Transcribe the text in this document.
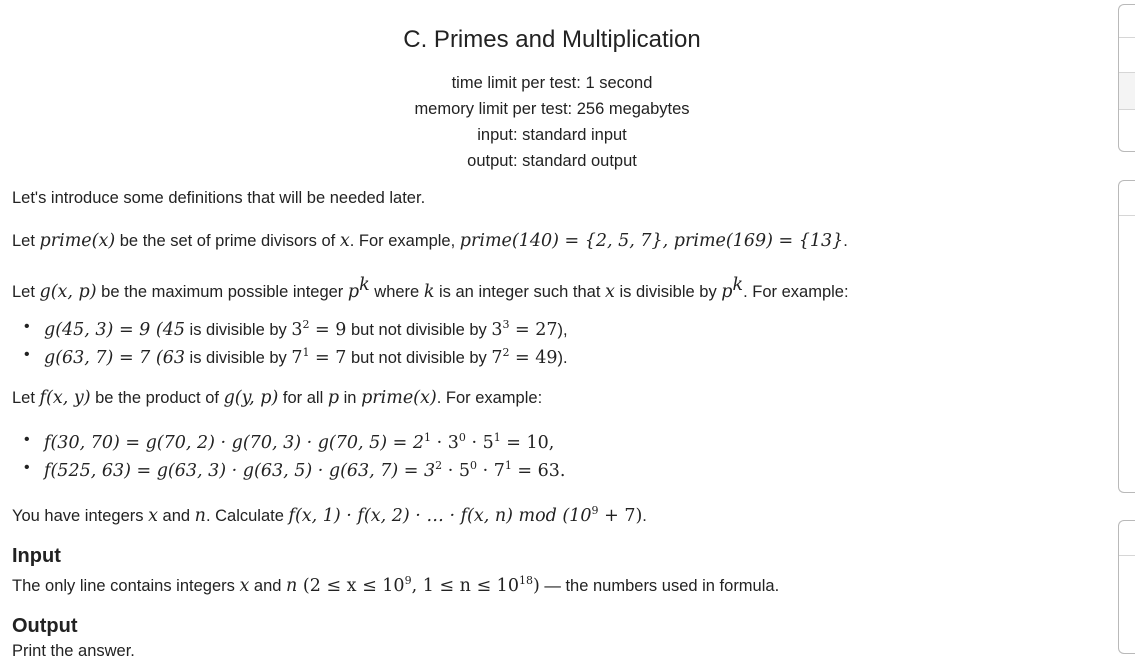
C. Primes and Multiplication
time limit per test: 1 second
memory limit per test: 256 megabytes
input: standard input
output: standard output
Let's introduce some definitions that will be needed later.
Let prime(x) be the set of prime divisors of x. For example, prime(140) = {2, 5, 7}, prime(169) = {13}.
Let g(x, p) be the maximum possible integer $p^k$ where k is an integer such that x is divisible by $p^k$. For example:
• g(45, 3) = 9 (45 is divisible by $3^2 = 9$ but not divisible by $3^3 = 27$),
• g(63, 7) = 7 (63 is divisible by $7^1 = 7$ but not divisible by $7^2 = 49$).
Let f(x, y) be the product of g(y, p) for all p in prime(x). For example:
• f(30, 70) = g(70, 2) · g(70, 3) · g(70, $5) = 2^1 \cdot 3^0 \cdot 5^1 = 10$,
• f(525, 63) = g(63, 3) · g(63, 5) · g(63, $7) = 3^2 \cdot 5^0 \cdot 7^1 = 63$.
You have integers x and n. Calculate f(x, 1) · f(x, 2) · … · f(x, n) mod $(10^9 + 7)$.
Input
The only line contains integers x and n ($2 \le x \le 10^9$, $1 \le n \le 10^{18}$) — the numbers used in formula.
Output
Print the answer.
